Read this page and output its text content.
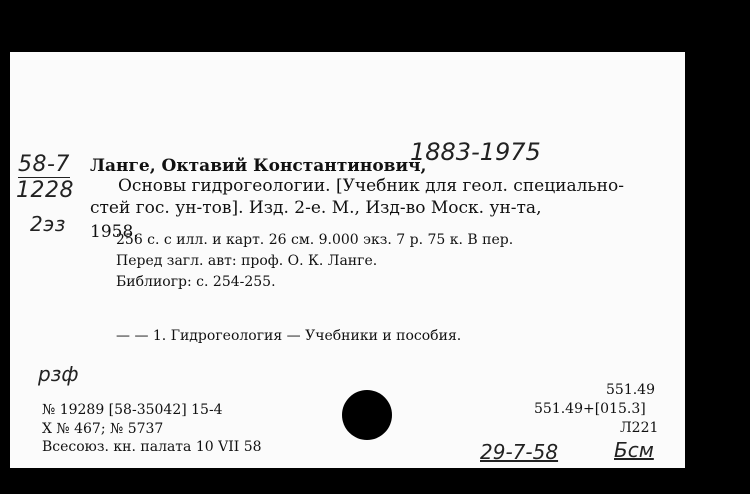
58-7
1228
2эз
Ланге, Октавий Константинович,
1883-1975
Основы гидрогеологии. [Учебник для геол. специально-
стей гос. ун-тов]. Изд. 2-е. М., Изд-во Моск. ун-та,
1958.
256 с. с илл. и карт. 26 см. 9.000 экз. 7 р. 75 к. В пер.
Перед загл. авт: проф. О. К. Ланге.
Библиогр: с. 254-255.
— — 1. Гидрогеология — Учебники и пособия.
рзф
№ 19289 [58-35042] 15-4
X № 467; № 5737
Всесоюз. кн. палата 10 VII 58
551.49
551.49+[015.3]
Л221
29-7-58	Бсм
